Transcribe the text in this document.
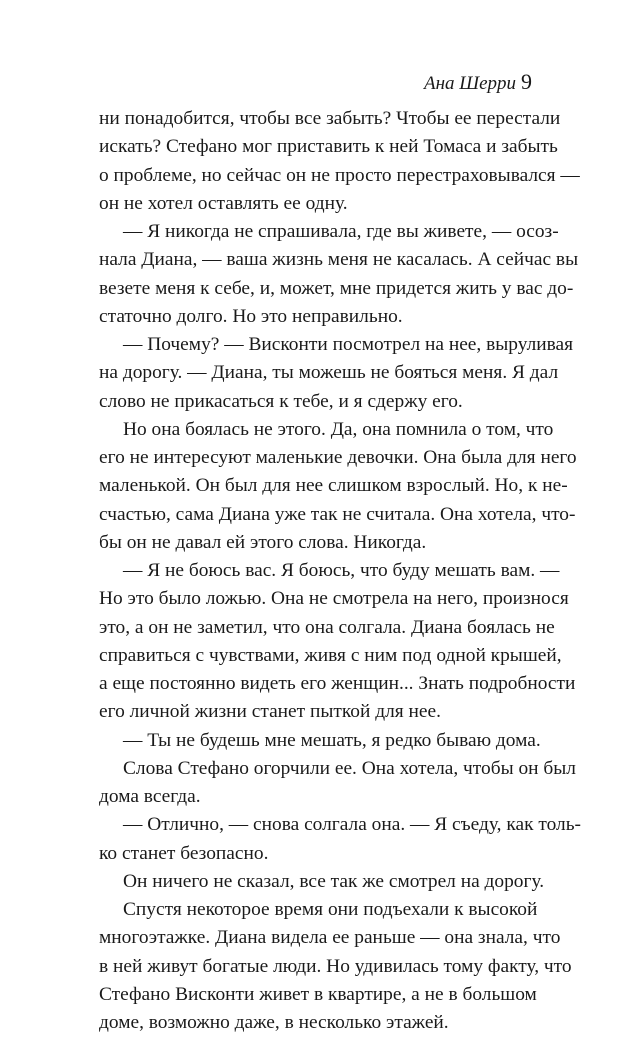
Ана Шерри 9

ни понадобится, чтобы все забыть? Чтобы ее перестали
искать? Стефано мог приставить к ней Томаса и забыть
о проблеме, но сейчас он не просто перестраховывался —
он не хотел оставлять ее одну.

— Я никогда не спрашивала, где вы живете, — осоз-
нала Диана, — ваша жизнь меня не касалась. А сейчас вы
везете меня к себе, и, может, мне придется жить у вас до-
статочно долго. Но это неправильно.

— Почему? — Висконти посмотрел на нее, выруливая
на дорогу. — Диана, ты можешь не бояться меня. Я дал
слово не прикасаться к тебе, и я сдержу его.

Но она боялась не этого. Да, она помнила о том, что
его не интересуют маленькие девочки. Она была для него
маленькой. Он был для нее слишком взрослый. Но, к не-
счастью, сама Диана уже так не считала. Она хотела, что-
бы он не давал ей этого слова. Никогда.

— Я не боюсь вас. Я боюсь, что буду мешать вам. —
Но это было ложью. Она не смотрела на него, произнося
это, а он не заметил, что она солгала. Диана боялась не
справиться с чувствами, живя с ним под одной крышей,
а еще постоянно видеть его женщин... Знать подробности
его личной жизни станет пыткой для нее.

— Ты не будешь мне мешать, я редко бываю дома.

Слова Стефано огорчили ее. Она хотела, чтобы он был
дома всегда.

— Отлично, — снова солгала она. — Я съеду, как толь-
ко станет безопасно.

Он ничего не сказал, все так же смотрел на дорогу.

Спустя некоторое время они подъехали к высокой
многоэтажке. Диана видела ее раньше — она знала, что
в ней живут богатые люди. Но удивилась тому факту, что
Стефано Висконти живет в квартире, а не в большом
доме, возможно даже, в несколько этажей.
